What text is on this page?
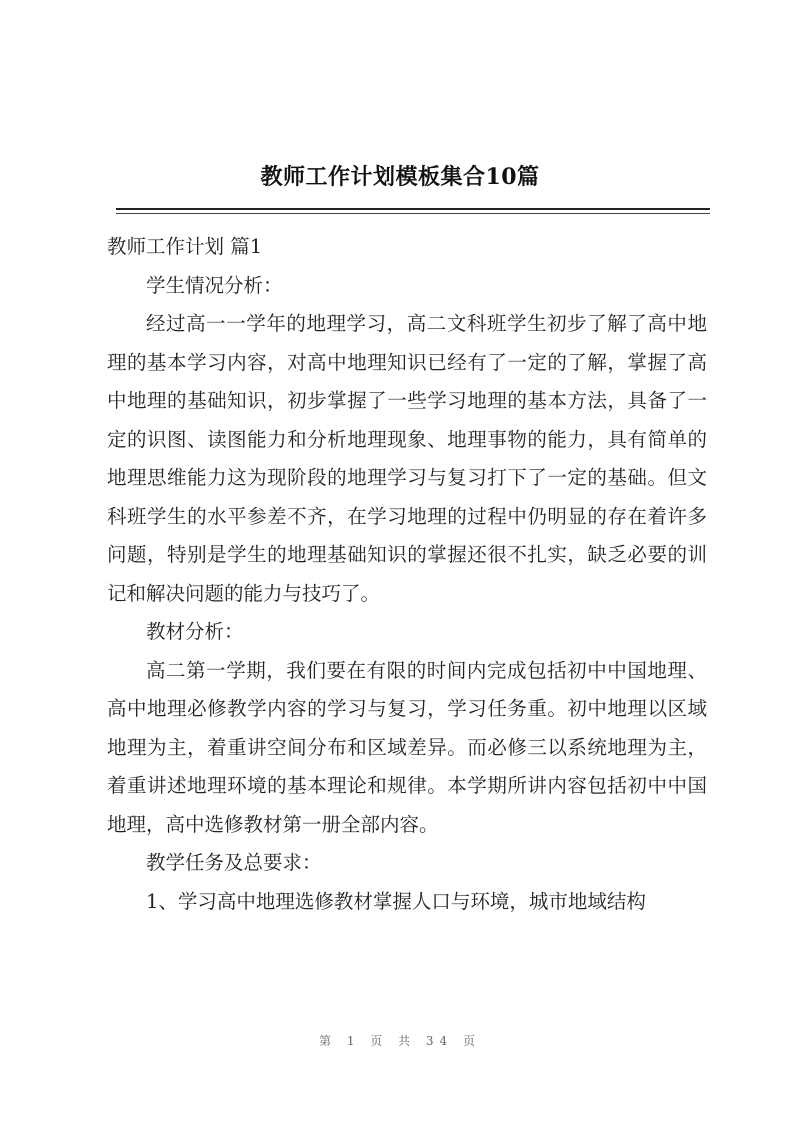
教师工作计划模板集合10篇

教师工作计划 篇1

学生情况分析：

经过高一一学年的地理学习，高二文科班学生初步了解了高中地理的基本学习内容，对高中地理知识已经有了一定的了解，掌握了高中地理的基础知识，初步掌握了一些学习地理的基本方法，具备了一定的识图、读图能力和分析地理现象、地理事物的能力，具有简单的地理思维能力这为现阶段的地理学习与复习打下了一定的基础。但文科班学生的水平参差不齐，在学习地理的过程中仍明显的存在着许多问题，特别是学生的地理基础知识的掌握还很不扎实，缺乏必要的训记和解决问题的能力与技巧了。

教材分析：

高二第一学期，我们要在有限的时间内完成包括初中中国地理、高中地理必修教学内容的学习与复习，学习任务重。初中地理以区域地理为主，着重讲空间分布和区域差异。而必修三以系统地理为主，着重讲述地理环境的基本理论和规律。本学期所讲内容包括初中中国地理，高中选修教材第一册全部内容。

教学任务及总要求：

1、学习高中地理选修教材掌握人口与环境，城市地域结构

第 1 页 共 34 页
